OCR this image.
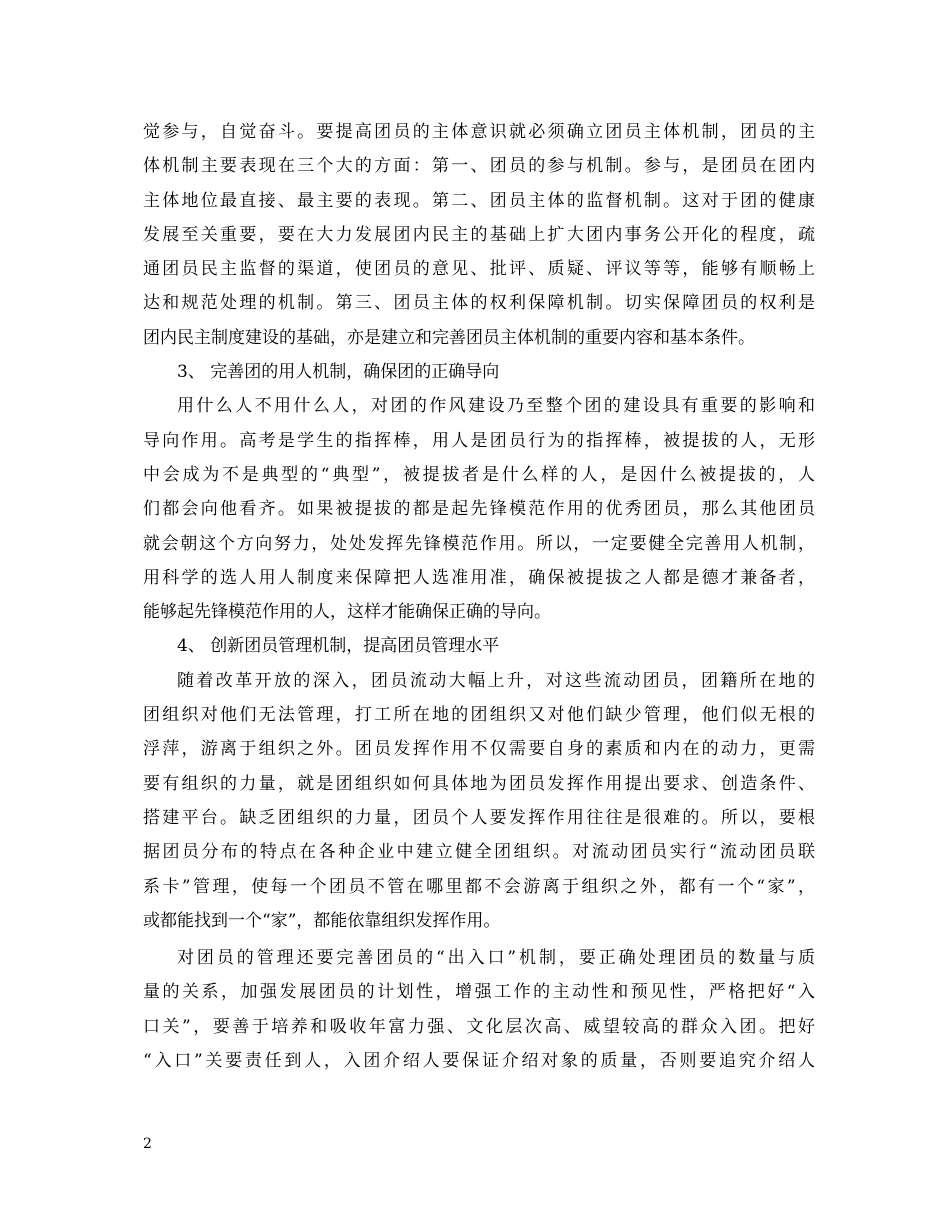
觉参与，自觉奋斗。要提高团员的主体意识就必须确立团员主体机制，团员的主
体机制主要表现在三个大的方面：第一、团员的参与机制。参与，是团员在团内
主体地位最直接、最主要的表现。第二、团员主体的监督机制。这对于团的健康
发展至关重要，要在大力发展团内民主的基础上扩大团内事务公开化的程度，疏
通团员民主监督的渠道，使团员的意见、批评、质疑、评议等等，能够有顺畅上
达和规范处理的机制。第三、团员主体的权利保障机制。切实保障团员的权利是
团内民主制度建设的基础，亦是建立和完善团员主体机制的重要内容和基本条件。
3、 完善团的用人机制，确保团的正确导向
用什么人不用什么人，对团的作风建设乃至整个团的建设具有重要的影响和
导向作用。高考是学生的指挥棒，用人是团员行为的指挥棒，被提拔的人，无形
中会成为不是典型的“典型”，被提拔者是什么样的人，是因什么被提拔的，人
们都会向他看齐。如果被提拔的都是起先锋模范作用的优秀团员，那么其他团员
就会朝这个方向努力，处处发挥先锋模范作用。所以，一定要健全完善用人机制，
用科学的选人用人制度来保障把人选准用准，确保被提拔之人都是德才兼备者，
能够起先锋模范作用的人，这样才能确保正确的导向。
4、 创新团员管理机制，提高团员管理水平
随着改革开放的深入，团员流动大幅上升，对这些流动团员，团籍所在地的
团组织对他们无法管理，打工所在地的团组织又对他们缺少管理，他们似无根的
浮萍，游离于组织之外。团员发挥作用不仅需要自身的素质和内在的动力，更需
要有组织的力量，就是团组织如何具体地为团员发挥作用提出要求、创造条件、
搭建平台。缺乏团组织的力量，团员个人要发挥作用往往是很难的。所以，要根
据团员分布的特点在各种企业中建立健全团组织。对流动团员实行“流动团员联
系卡”管理，使每一个团员不管在哪里都不会游离于组织之外，都有一个“家”，
或都能找到一个“家”，都能依靠组织发挥作用。
对团员的管理还要完善团员的“出入口”机制，要正确处理团员的数量与质
量的关系，加强发展团员的计划性，增强工作的主动性和预见性，严格把好“入
口关”，要善于培养和吸收年富力强、文化层次高、威望较高的群众入团。把好
“入口”关要责任到人，入团介绍人要保证介绍对象的质量，否则要追究介绍人
2
